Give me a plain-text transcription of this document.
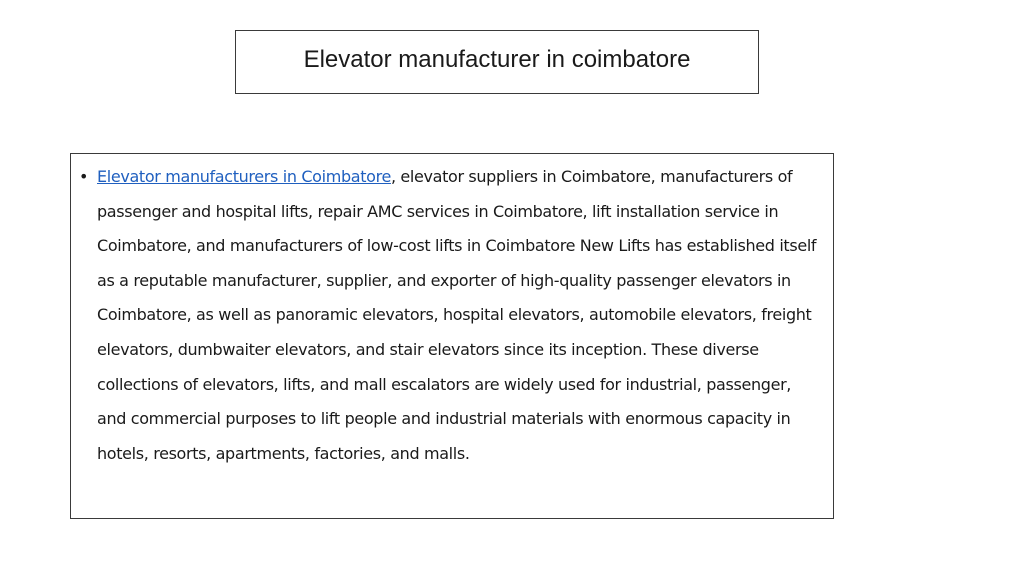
Elevator manufacturer in coimbatore
• Elevator manufacturers in Coimbatore, elevator suppliers in Coimbatore, manufacturers of passenger and hospital lifts, repair AMC services in Coimbatore, lift installation service in Coimbatore, and manufacturers of low-cost lifts in Coimbatore New Lifts has established itself as a reputable manufacturer, supplier, and exporter of high-quality passenger elevators in Coimbatore, as well as panoramic elevators, hospital elevators, automobile elevators, freight elevators, dumbwaiter elevators, and stair elevators since its inception. These diverse collections of elevators, lifts, and mall escalators are widely used for industrial, passenger, and commercial purposes to lift people and industrial materials with enormous capacity in hotels, resorts, apartments, factories, and malls.
